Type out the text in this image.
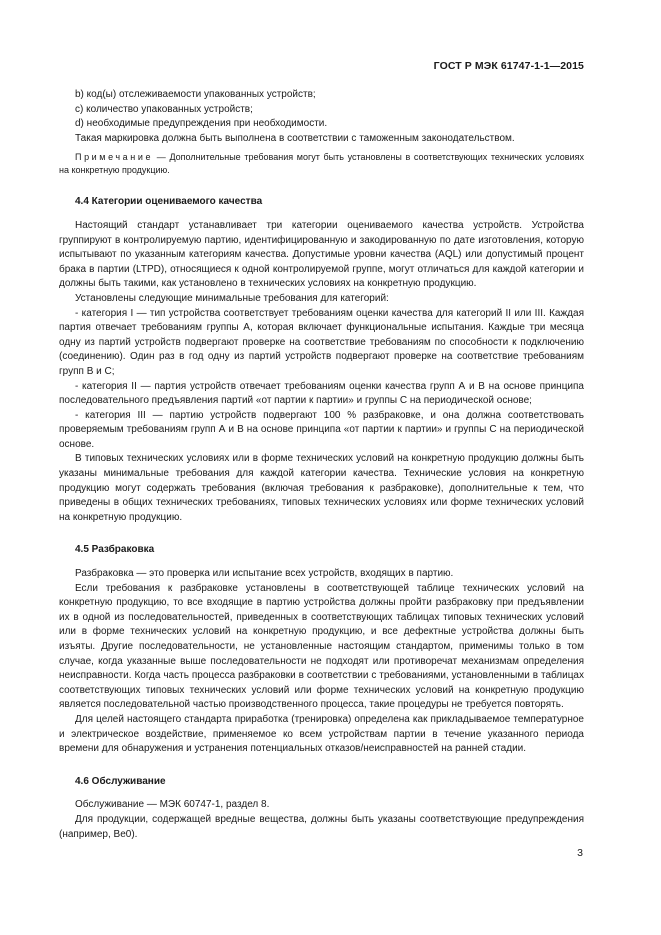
ГОСТ Р МЭК 61747-1-1—2015

b) код(ы) отслеживаемости упакованных устройств;

c) количество упакованных устройств;

d) необходимые предупреждения при необходимости.

Такая маркировка должна быть выполнена в соответствии с таможенным законодательством.

Примечание — Дополнительные требования могут быть установлены в соответствующих технических условиях на конкретную продукцию.

4.4 Категории оцениваемого качества

Настоящий стандарт устанавливает три категории оцениваемого качества устройств. Устройства группируют в контролируемую партию, идентифицированную и закодированную по дате изготовления, которую испытывают по указанным категориям качества. Допустимые уровни качества (AQL) или допустимый процент брака в партии (LTPD), относящиеся к одной контролируемой группе, могут отличаться для каждой категории и должны быть такими, как установлено в технических условиях на конкретную продукцию.

Установлены следующие минимальные требования для категорий:

- категория I — тип устройства соответствует требованиям оценки качества для категорий II или III. Каждая партия отвечает требованиям группы А, которая включает функциональные испытания. Каждые три месяца одну из партий устройств подвергают проверке на соответствие требованиям по способности к подключению (соединению). Один раз в год одну из партий устройств подвергают проверке на соответствие требованиям групп В и С;

- категория II — партия устройств отвечает требованиям оценки качества групп А и В на основе принципа последовательного предъявления партий «от партии к партии» и группы С на периодической основе;

- категория III — партию устройств подвергают 100 % разбраковке, и она должна соответствовать проверяемым требованиям групп А и В на основе принципа «от партии к партии» и группы С на периодической основе.

В типовых технических условиях или в форме технических условий на конкретную продукцию должны быть указаны минимальные требования для каждой категории качества. Технические условия на конкретную продукцию могут содержать требования (включая требования к разбраковке), дополнительные к тем, что приведены в общих технических требованиях, типовых технических условиях или форме технических условий на конкретную продукцию.

4.5 Разбраковка

Разбраковка — это проверка или испытание всех устройств, входящих в партию.

Если требования к разбраковке установлены в соответствующей таблице технических условий на конкретную продукцию, то все входящие в партию устройства должны пройти разбраковку при предъявлении их в одной из последовательностей, приведенных в соответствующих таблицах типовых технических условий или в форме технических условий на конкретную продукцию, и все дефектные устройства должны быть изъяты. Другие последовательности, не установленные настоящим стандартом, применимы только в том случае, когда указанные выше последовательности не подходят или противоречат механизмам определения неисправности. Когда часть процесса разбраковки в соответствии с требованиями, установленными в таблицах соответствующих типовых технических условий или форме технических условий на конкретную продукцию является последовательной частью производственного процесса, такие процедуры не требуется повторять.

Для целей настоящего стандарта приработка (тренировка) определена как прикладываемое температурное и электрическое воздействие, применяемое ко всем устройствам партии в течение указанного периода времени для обнаружения и устранения потенциальных отказов/неисправностей на ранней стадии.

4.6 Обслуживание

Обслуживание — МЭК 60747-1, раздел 8.

Для продукции, содержащей вредные вещества, должны быть указаны соответствующие предупреждения (например, Ве0).

3
